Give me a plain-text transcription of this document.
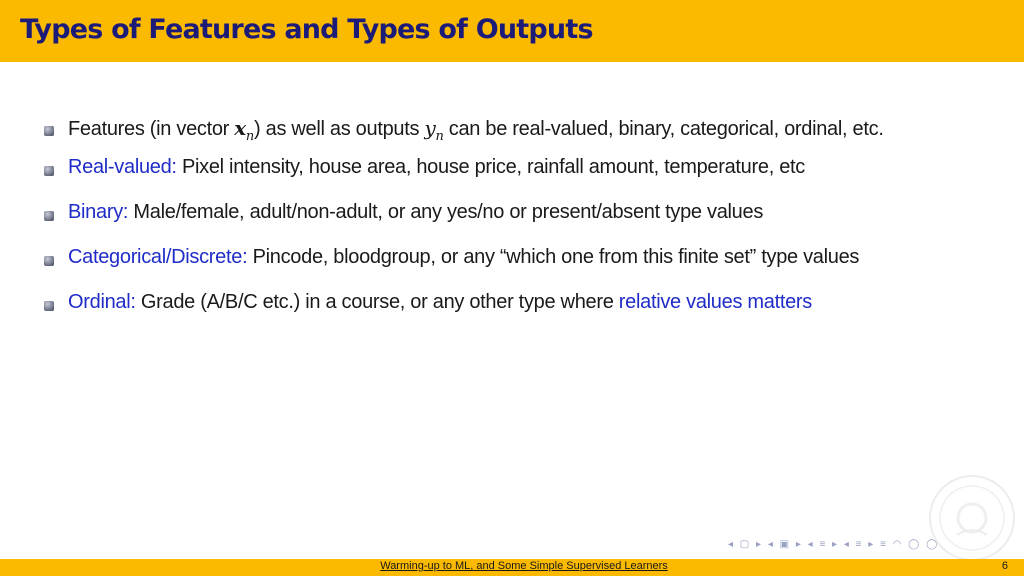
Types of Features and Types of Outputs
Features (in vector $x_n$) as well as outputs $y_n$ can be real-valued, binary, categorical, ordinal, etc.
Real-valued: Pixel intensity, house area, house price, rainfall amount, temperature, etc
Binary: Male/female, adult/non-adult, or any yes/no or present/absent type values
Categorical/Discrete: Pincode, bloodgroup, or any “which one from this finite set” type values
Ordinal: Grade (A/B/C etc.) in a course, or any other type where relative values matters
◂ ▢ ▸ ◂ ▣ ▸ ◂ ≡ ▸ ◂ ≡ ▸ ≡ ◠ ◯ ◯
Warming-up to ML, and Some Simple Supervised Learners	6
